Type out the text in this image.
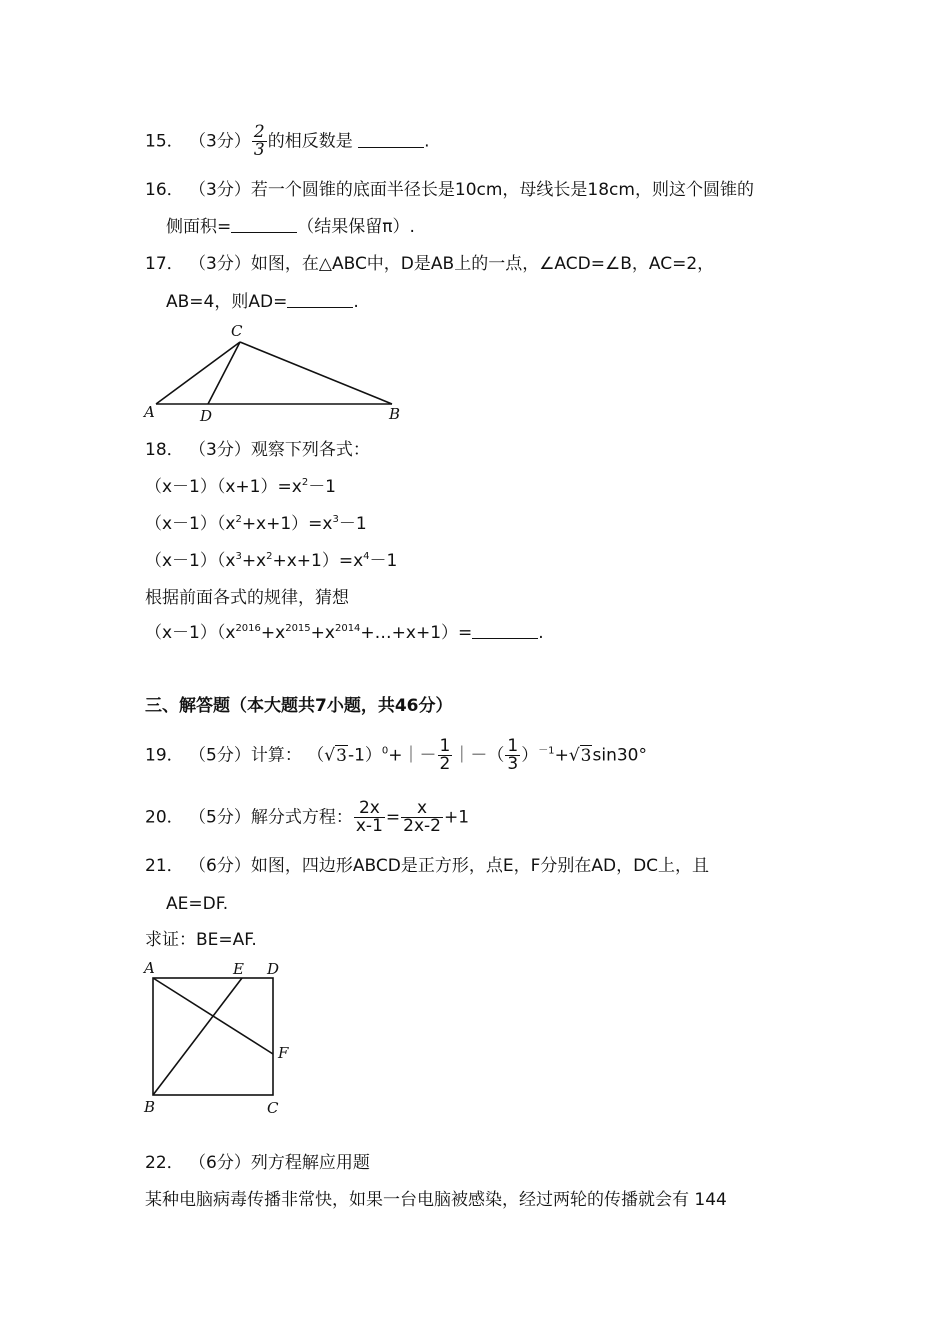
15． （3分） $\frac{2}{3}$ 的相反数是	.
16． （3分）若一个圆锥的底面半径长是10cm，母线长是18cm，则这个圆锥的
侧面积=	（结果保留π）.
17． （3分）如图，在△ABC中，D是AB上的一点，∠ACD=∠B，AC=2，
AB=4，则AD=	.
A	D
C
B
18． （3分）观察下列各式：
$(x-1)(x+1)=x^2-1$
$(x-1)(x^2+x+1)=x^3-1$
$(x-1)(x^3+x^2+x+1)=x^4-1$
根据前面各式的规律，猜想
$(x-1)(x^{2016}+x^{2015}+x^{2014}+\dots+x+1)=$	.
三、解答题（本大题共7小题，共46分）
19． （5分）计算： $(√3-1)^0+|- \frac{1}{2}$ ｜－（ $\frac{1}{3} )^{-1}+√3\sin 30^\circ$
20． （5分）解分式方程： $\frac{2x}{x-1} = \frac{x}{2x-2} +1$
21． （6分）如图，四边形ABCD是正方形，点E，F分别在AD，DC上，且
AE=DF.
求证：BE=AF.
A	E D
F
B	C
22． （6分）列方程解应用题
某种电脑病毒传播非常快，如果一台电脑被感染，经过两轮的传播就会有 144
